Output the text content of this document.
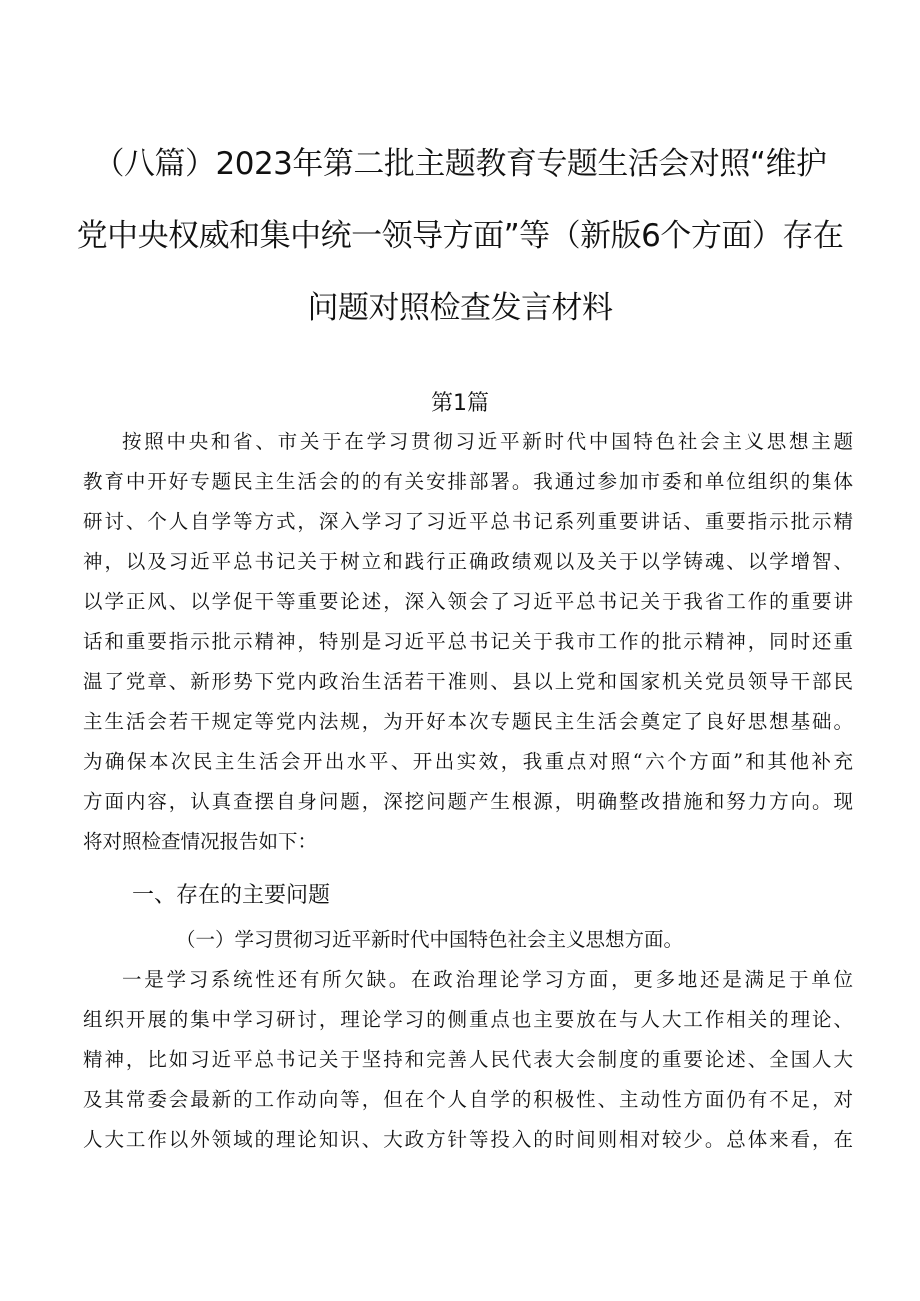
（八篇）2023年第二批主题教育专题生活会对照“维护
党中央权威和集中统一领导方面”等（新版6个方面）存在
问题对照检查发言材料
第1篇
按照中央和省、市关于在学习贯彻习近平新时代中国特色社会主义思想主题
教育中开好专题民主生活会的的有关安排部署。我通过参加市委和单位组织的集体
研讨、个人自学等方式，深入学习了习近平总书记系列重要讲话、重要指示批示精
神，以及习近平总书记关于树立和践行正确政绩观以及关于以学铸魂、以学增智、
以学正风、以学促干等重要论述，深入领会了习近平总书记关于我省工作的重要讲
话和重要指示批示精神，特别是习近平总书记关于我市工作的批示精神，同时还重
温了党章、新形势下党内政治生活若干准则、县以上党和国家机关党员领导干部民
主生活会若干规定等党内法规，为开好本次专题民主生活会奠定了良好思想基础。
为确保本次民主生活会开出水平、开出实效，我重点对照“六个方面”和其他补充
方面内容，认真查摆自身问题，深挖问题产生根源，明确整改措施和努力方向。现
将对照检查情况报告如下：
一、存在的主要问题
（一）学习贯彻习近平新时代中国特色社会主义思想方面。
一是学习系统性还有所欠缺。在政治理论学习方面，更多地还是满足于单位
组织开展的集中学习研讨，理论学习的侧重点也主要放在与人大工作相关的理论、
精神，比如习近平总书记关于坚持和完善人民代表大会制度的重要论述、全国人大
及其常委会最新的工作动向等，但在个人自学的积极性、主动性方面仍有不足，对
人大工作以外领域的理论知识、大政方针等投入的时间则相对较少。总体来看，在
